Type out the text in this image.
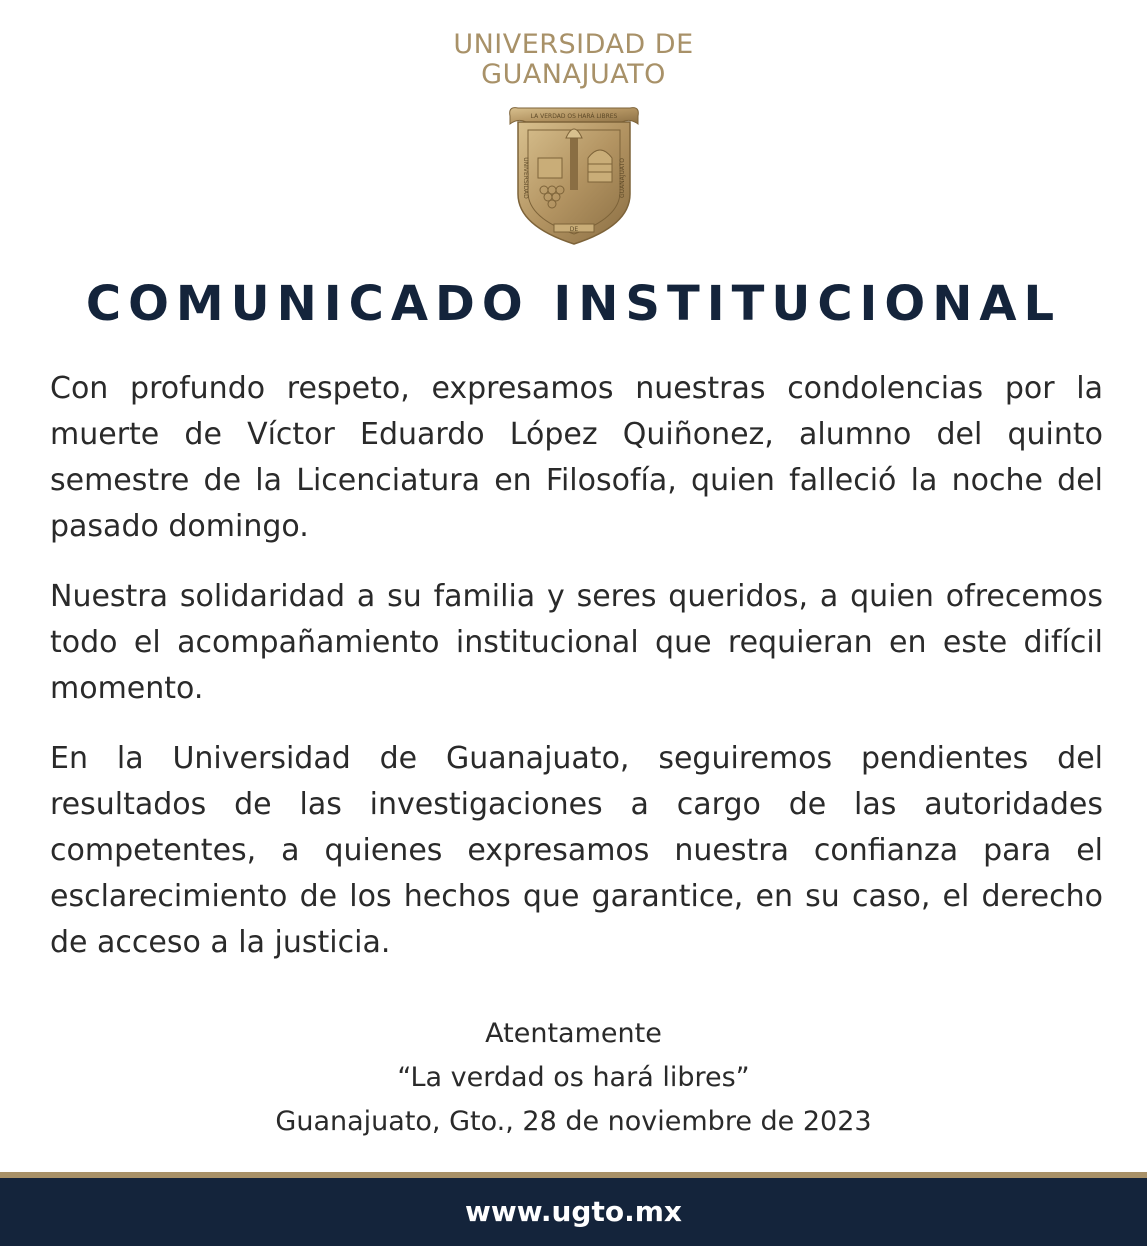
UNIVERSIDAD DE
GUANAJUATO
LA VERDAD OS HARÁ LIBRES
UNIVERSIDAD	GUANAJUATO
DE
COMUNICADO INSTITUCIONAL

Con profundo respeto, expresamos nuestras condolencias por la muerte de Víctor Eduardo López Quiñonez, alumno del quinto semestre de la Licenciatura en Filosofía, quien falleció la noche del pasado domingo.

Nuestra solidaridad a su familia y seres queridos, a quien ofrecemos todo el acompañamiento institucional que requieran en este difícil momento.

En la Universidad de Guanajuato, seguiremos pendientes del resultados de las investigaciones a cargo de las autoridades competentes, a quienes expresamos nuestra confianza para el esclarecimiento de los hechos que garantice, en su caso, el derecho de acceso a la justicia.

Atentamente
“La verdad os hará libres”
Guanajuato, Gto., 28 de noviembre de 2023
www.ugto.mx
